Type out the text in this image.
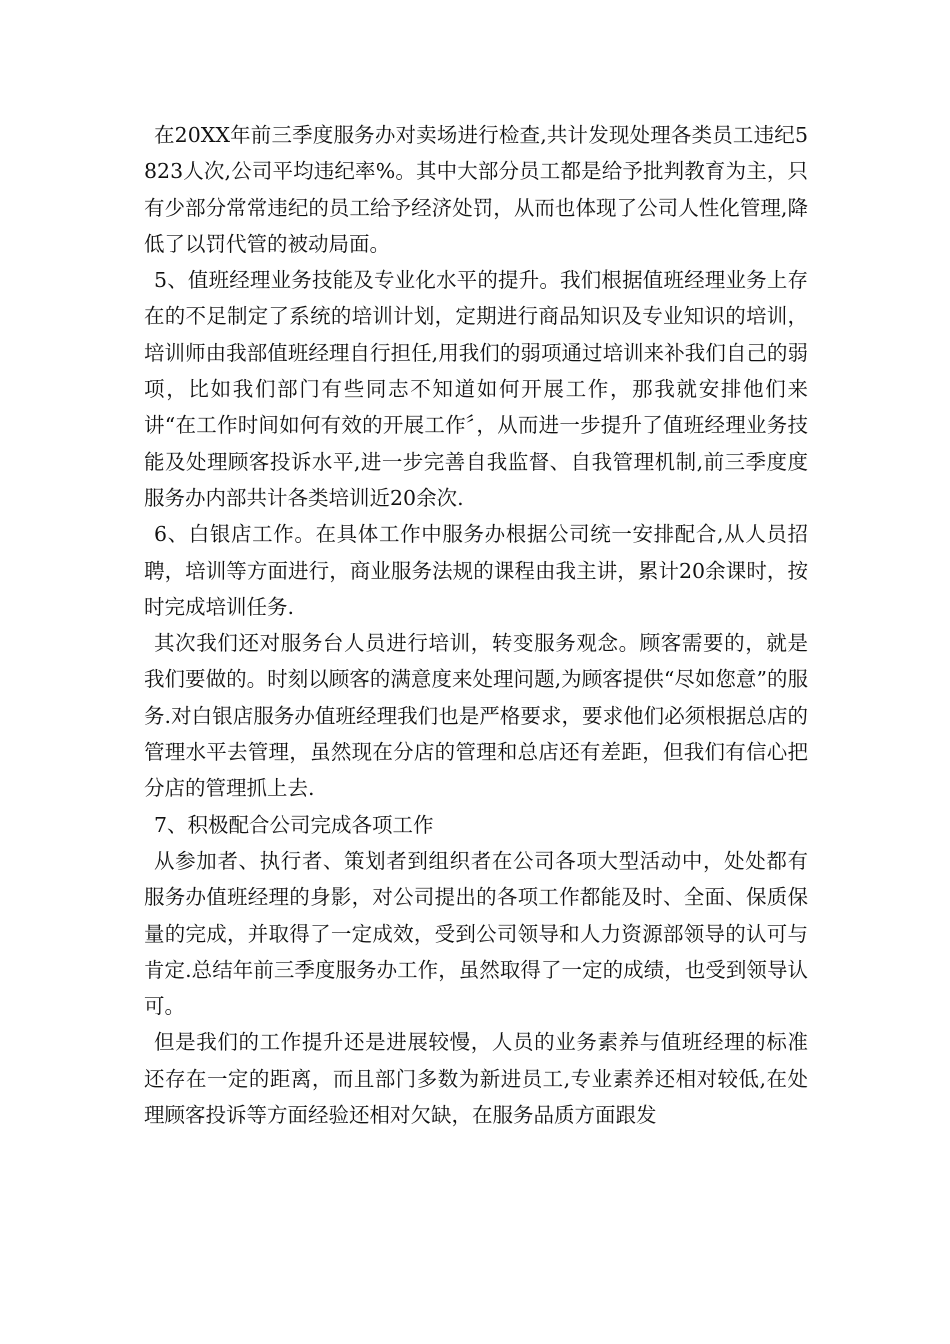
在20XX年前三季度服务办对卖场进行检查,共计发现处理各类员工违纪5823人次,公司平均违纪率%。其中大部分员工都是给予批判教育为主，只有少部分常常违纪的员工给予经济处罚，从而也体现了公司人性化管理,降低了以罚代管的被动局面。

5、值班经理业务技能及专业化水平的提升。我们根据值班经理业务上存在的不足制定了系统的培训计划，定期进行商品知识及专业知识的培训，培训师由我部值班经理自行担任,用我们的弱项通过培训来补我们自己的弱项，比如我们部门有些同志不知道如何开展工作，那我就安排他们来讲“在工作时间如何有效的开展工作〞，从而进一步提升了值班经理业务技能及处理顾客投诉水平,进一步完善自我监督、自我管理机制,前三季度度服务办内部共计各类培训近20余次.

6、白银店工作。在具体工作中服务办根据公司统一安排配合,从人员招聘，培训等方面进行，商业服务法规的课程由我主讲，累计20余课时，按时完成培训任务.

其次我们还对服务台人员进行培训，转变服务观念。顾客需要的，就是我们要做的。时刻以顾客的满意度来处理问题,为顾客提供“尽如您意”的服务.对白银店服务办值班经理我们也是严格要求，要求他们必须根据总店的管理水平去管理，虽然现在分店的管理和总店还有差距，但我们有信心把分店的管理抓上去.

7、积极配合公司完成各项工作

从参加者、执行者、策划者到组织者在公司各项大型活动中，处处都有服务办值班经理的身影，对公司提出的各项工作都能及时、全面、保质保量的完成，并取得了一定成效，受到公司领导和人力资源部领导的认可与肯定.总结年前三季度服务办工作，虽然取得了一定的成绩，也受到领导认可。

但是我们的工作提升还是进展较慢，人员的业务素养与值班经理的标准还存在一定的距离，而且部门多数为新进员工,专业素养还相对较低,在处理顾客投诉等方面经验还相对欠缺，在服务品质方面跟发
